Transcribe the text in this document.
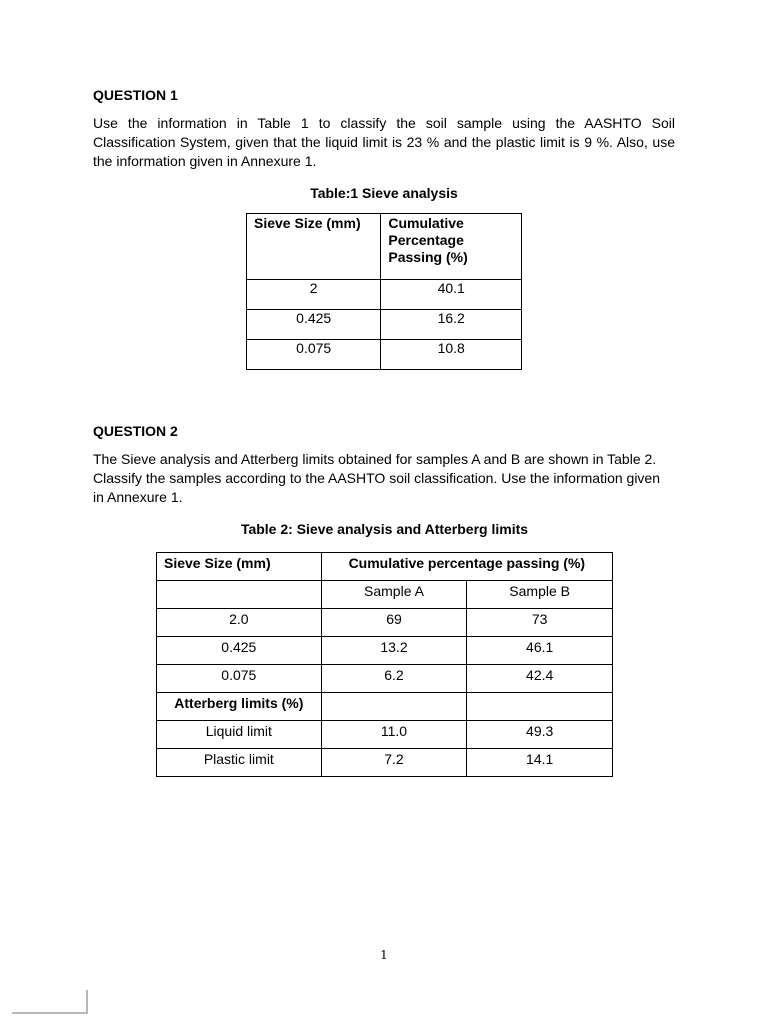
QUESTION 1

Use the information in Table 1 to classify the soil sample using the AASHTO Soil Classification System, given that the liquid limit is 23 % and the plastic limit is 9 %. Also, use the information given in Annexure 1.

Table:1 Sieve analysis

Sieve Size (mm)	Cumulative Percentage Passing (%)
2	40.1
0.425	16.2
0.075	10.8
QUESTION 2

The Sieve analysis and Atterberg limits obtained for samples A and B are shown in Table 2. Classify the samples according to the AASHTO soil classification. Use the information given in Annexure 1.

Table 2: Sieve analysis and Atterberg limits

Sieve Size (mm)	Cumulative percentage passing (%)	
	Sample A	Sample B
2.0	69	73
0.425	13.2	46.1
0.075	6.2	42.4
Atterberg limits (%)		
Liquid limit	11.0	49.3
Plastic limit	7.2	14.1
1
